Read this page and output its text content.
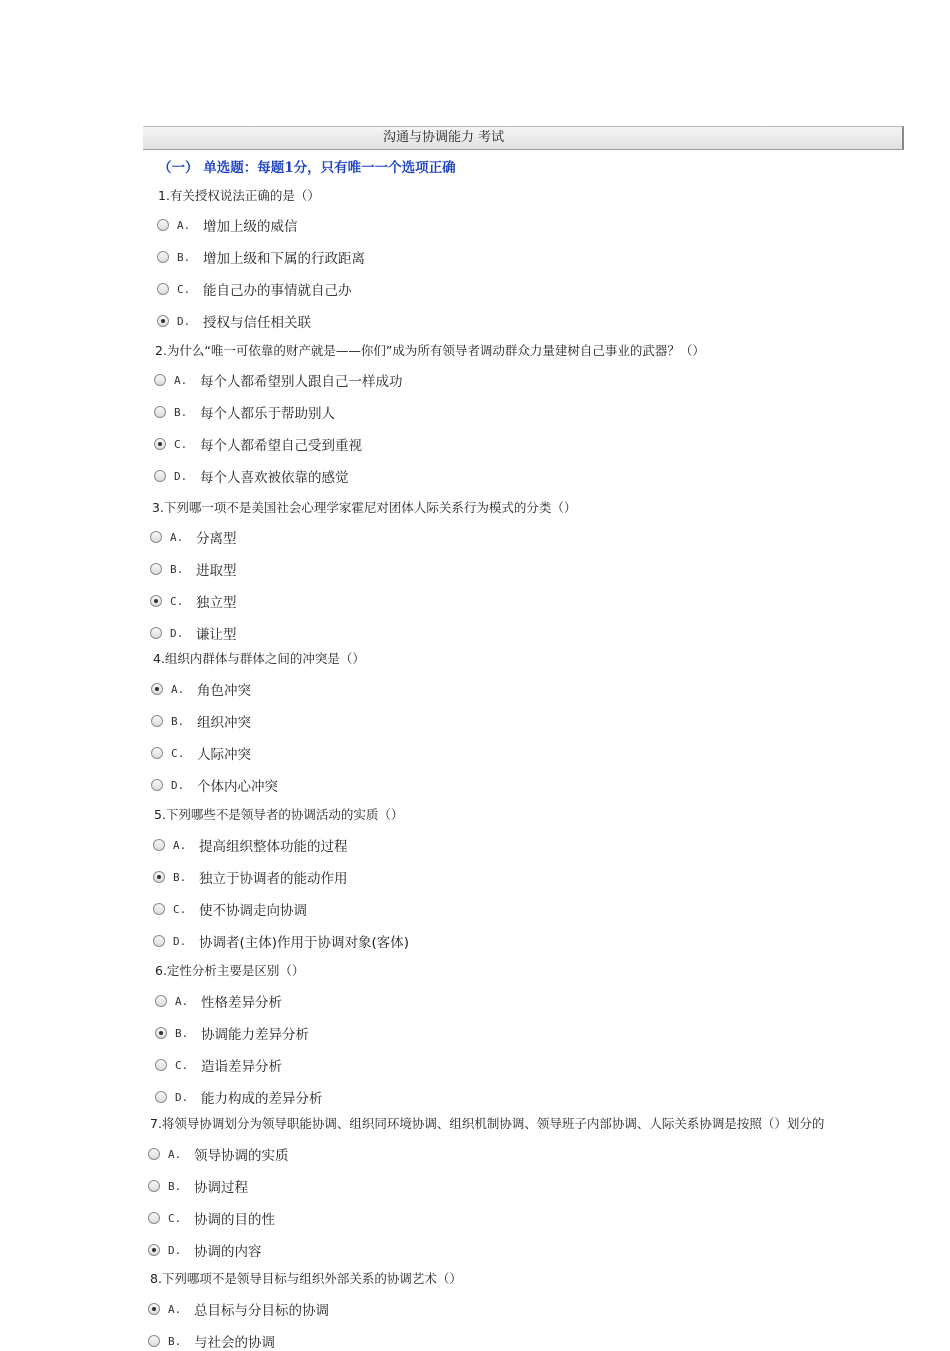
沟通与协调能力 考试
（一） 单选题：每题1分，只有唯一一个选项正确
1.有关授权说法正确的是（）
A. 增加上级的威信
B. 增加上级和下属的行政距离
C. 能自己办的事情就自己办
D. 授权与信任相关联
2.为什么“唯一可依靠的财产就是——你们”成为所有领导者调动群众力量建树自己事业的武器？（）
A. 每个人都希望别人跟自己一样成功
B. 每个人都乐于帮助别人
C. 每个人都希望自己受到重视
D. 每个人喜欢被依靠的感觉
3.下列哪一项不是美国社会心理学家霍尼对团体人际关系行为模式的分类（）
A. 分离型
B. 进取型
C. 独立型
D. 谦让型
4.组织内群体与群体之间的冲突是（）
A. 角色冲突
B. 组织冲突
C. 人际冲突
D. 个体内心冲突
5.下列哪些不是领导者的协调活动的实质（）
A. 提高组织整体功能的过程
B. 独立于协调者的能动作用
C. 使不协调走向协调
D. 协调者(主体)作用于协调对象(客体)
6.定性分析主要是区别（）
A. 性格差异分析
B. 协调能力差异分析
C. 造诣差异分析
D. 能力构成的差异分析
7.将领导协调划分为领导职能协调、组织同环境协调、组织机制协调、领导班子内部协调、人际关系协调是按照（）划分的
A. 领导协调的实质
B. 协调过程
C. 协调的目的性
D. 协调的内容
8.下列哪项不是领导目标与组织外部关系的协调艺术（）
A. 总目标与分目标的协调
B. 与社会的协调
